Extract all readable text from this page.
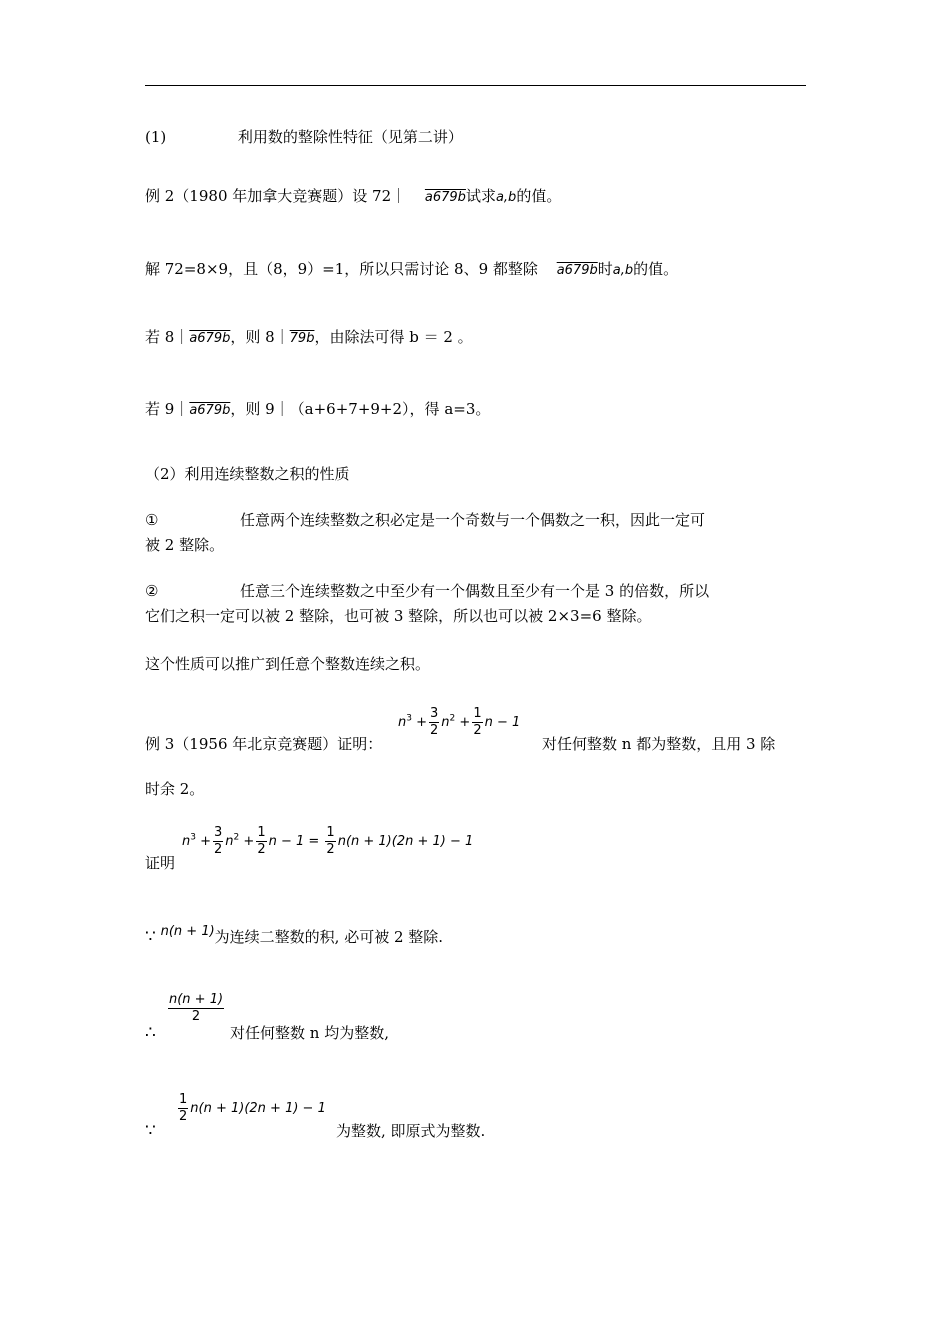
(1)	利用数的整除性特征（见第二讲）
例 2（1980 年加拿大竞赛题）设 72｜ a679b试求a,b的值。
解 72=8×9，且（8，9）=1，所以只需讨论 8、9 都整除 a679b时a,b的值。
若 8｜a679b，则 8｜79b，由除法可得 b ＝ 2 。
若 9｜a679b，则 9｜（a+6+7+9+2），得 a=3。
（2）利用连续整数之积的性质
①	任意两个连续整数之积必定是一个奇数与一个偶数之一积，因此一定可
被 2 整除。
②	任意三个连续整数之中至少有一个偶数且至少有一个是 3 的倍数，所以
它们之积一定可以被 2 整除，也可被 3 整除，所以也可以被 2×3=6 整除。
这个性质可以推广到任意个整数连续之积。
例 3（1956 年北京竞赛题）证明：
$n^3 + \frac{3}{2} n^2 + \frac{1}{2}$ n − 1
对任何整数 n 都为整数，且用 3 除
时余 2。
证明
$n^3 + \frac{3}{2} n^2 + \frac{1}{2}$ $n - 1 = \frac{1}{2} n(n + 1)(2n + 1) - 1$
∵ n(n + 1)为连续二整数的积, 必可被 2 整除.
∴
$\frac{n(n + 1)}{2}$
对任何整数 n 均为整数,
∵
$\frac{1}{2} n(n + 1)(2n + 1) - 1$
为整数, 即原式为整数.
